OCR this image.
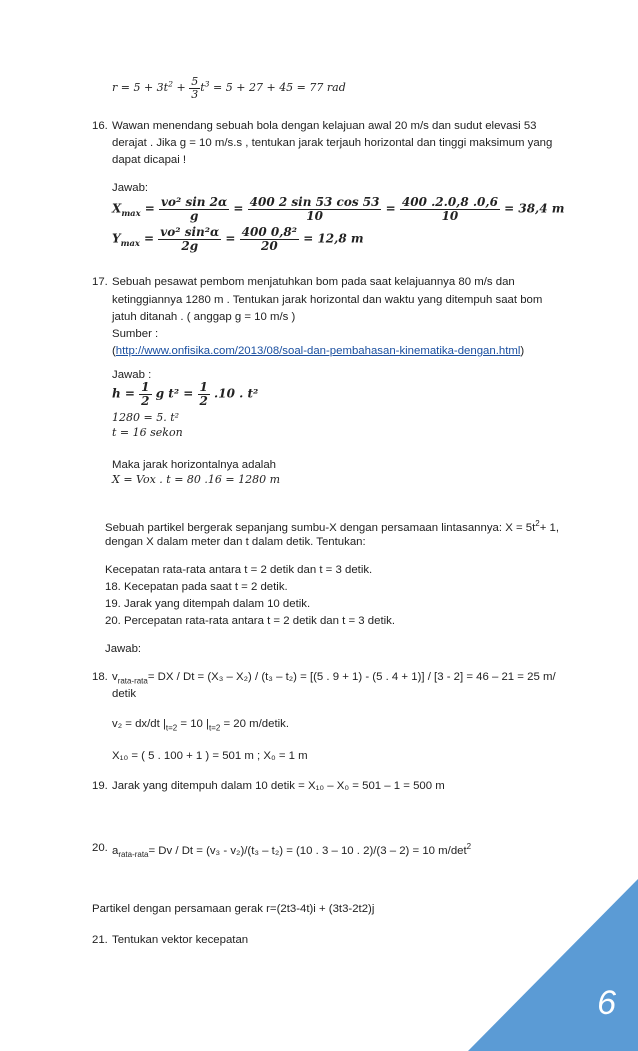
$r = 5 + 3t^2 + \frac{5}{3} t^3 = 5 + 27 + 45 = 77$ rad
16. Wawan menendang sebuah bola dengan kelajuan awal 20 m/s dan sudut elevasi 53
derajat . Jika g = 10 m/s.s , tentukan jarak terjauh horizontal dan tinggi maksimum yang
dapat dicapai !
Jawab:
$X_{max} = \frac{\text{vo² sin 2α}}{g} = \frac{400 2 \sin 53 \cos 53}{10} = \frac{400 .2.0,8 .0,6}{10} = 38,4$ m
$Y_{max} = \frac{\text{vo² sin²α}}{2g} = \frac{\text{400 0,8²}}{20} = 12,8$ m
17. Sebuah pesawat pembom menjatuhkan bom pada saat kelajuannya 80 m/s dan
ketinggiannya 1280 m . Tentukan jarak horizontal dan waktu yang ditempuh saat bom
jatuh ditanah . ( anggap g = 10 m/s )
Sumber :
(http://www.onfisika.com/2013/08/soal-dan-pembahasan-kinematika-dengan.html)
Jawab :
$h = \frac{1}{2}$ g $t^2 = \frac{1}{2} .10$ . t²
1280 = 5. t²
t = 16 sekon
Maka jarak horizontalnya adalah
X = Vox . t = 80 .16 = 1280 m
Sebuah partikel bergerak sepanjang sumbu-X dengan persamaan lintasannya: $X = 5t^2+ 1$,
dengan X dalam meter dan t dalam detik. Tentukan:
Kecepatan rata-rata antara t = 2 detik dan t = 3 detik.
18. Kecepatan pada saat t = 2 detik.
19. Jarak yang ditempah dalam 10 detik.
20. Percepatan rata-rata antara t = 2 detik dan t = 3 detik.
Jawab:
18. $v_{rata-rata}=$ DX / Dt = (X₃ – X₂) / (t₃ – t₂) = [(5 . 9 + 1) - (5 . 4 + 1)] / [3 - 2] = 46 – 21 = 25 m/
detik
v₂ = dx/dt $|_{t=2} = 10$ $|_{t=2} = 20$ m/detik.
X₁₀ = ( 5 . 100 + 1 ) = 501 m ; X₀ = 1 m
19. Jarak yang ditempuh dalam 10 detik = X₁₀ – X₀ = 501 – 1 = 500 m
20. $a_{rata-rata}= Dv / Dt = (v_3 - v_2)/(t_3 - t_2) = (10$ . 3 – 10 . 2)/(3 – 2) = 10 $m/\det^2$
Partikel dengan persamaan gerak r=(2t3-4t)i + (3t3-2t2)j
21. Tentukan vektor kecepatan
6
